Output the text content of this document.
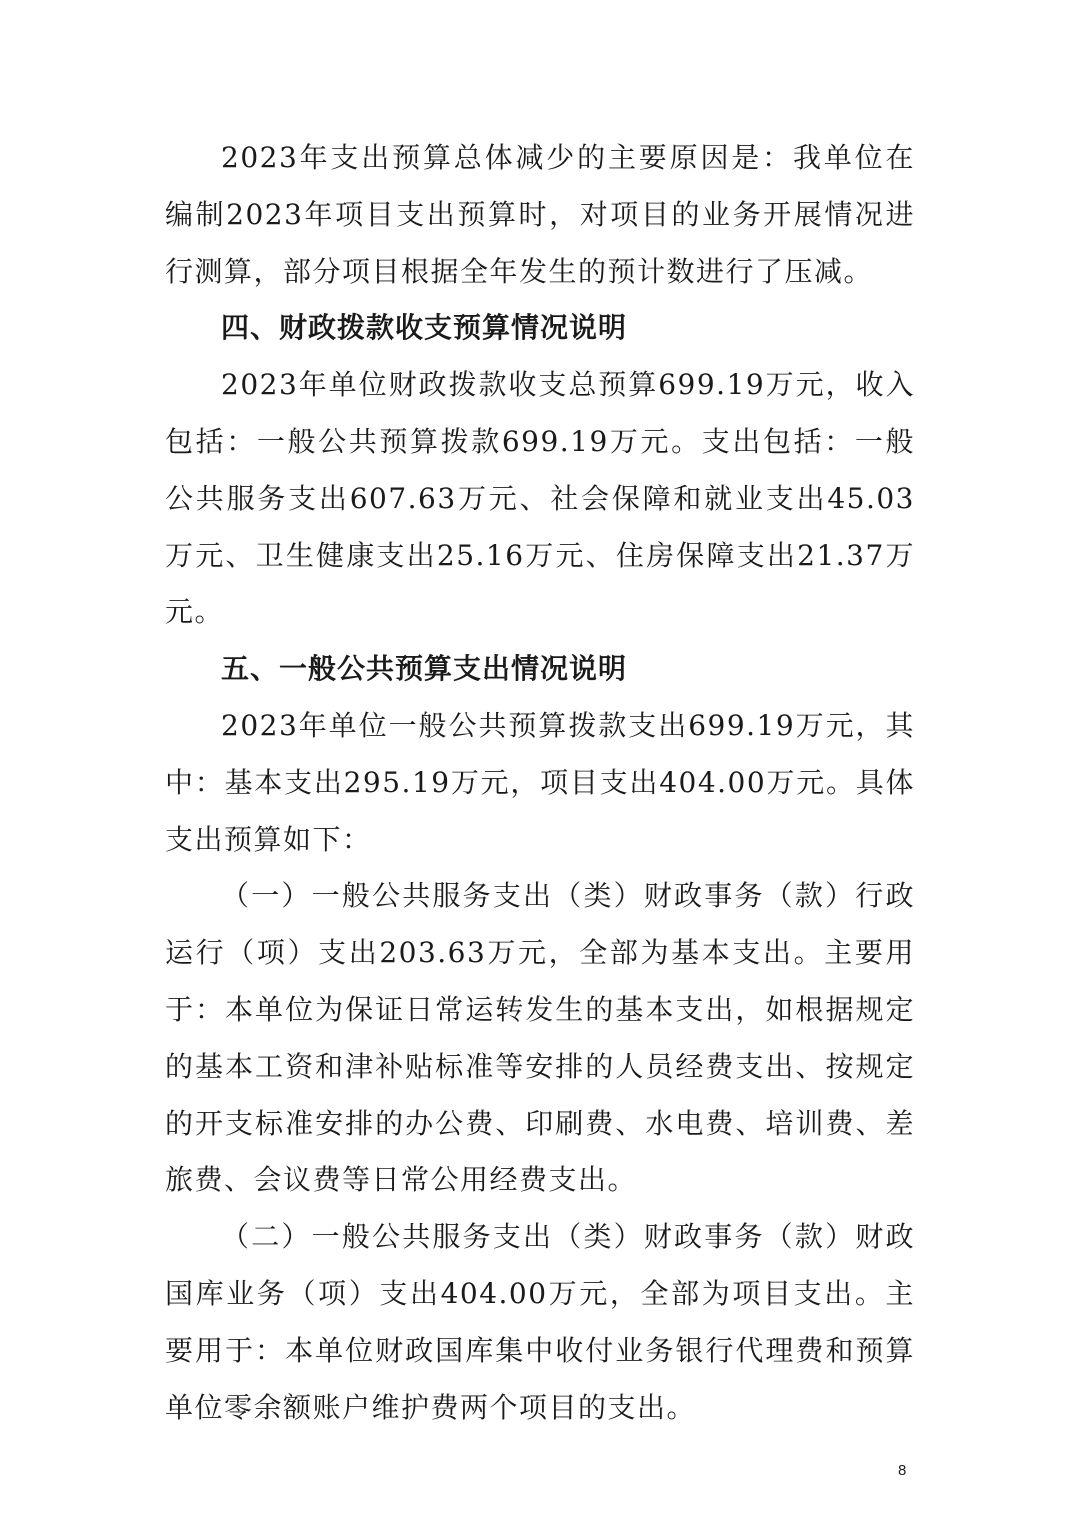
2023年支出预算总体减少的主要原因是：我单位在编制2023年项目支出预算时，对项目的业务开展情况进行测算，部分项目根据全年发生的预计数进行了压减。

四、财政拨款收支预算情况说明

2023年单位财政拨款收支总预算699.19万元，收入包括：一般公共预算拨款699.19万元。支出包括：一般公共服务支出607.63万元、社会保障和就业支出45.03万元、卫生健康支出25.16万元、住房保障支出21.37万元。

五、一般公共预算支出情况说明

2023年单位一般公共预算拨款支出699.19万元，其中：基本支出295.19万元，项目支出404.00万元。具体支出预算如下：

（一）一般公共服务支出（类）财政事务（款）行政运行（项）支出203.63万元，全部为基本支出。主要用于：本单位为保证日常运转发生的基本支出，如根据规定的基本工资和津补贴标准等安排的人员经费支出、按规定的开支标准安排的办公费、印刷费、水电费、培训费、差旅费、会议费等日常公用经费支出。

（二）一般公共服务支出（类）财政事务（款）财政国库业务（项）支出404.00万元，全部为项目支出。主要用于：本单位财政国库集中收付业务银行代理费和预算单位零余额账户维护费两个项目的支出。

8
